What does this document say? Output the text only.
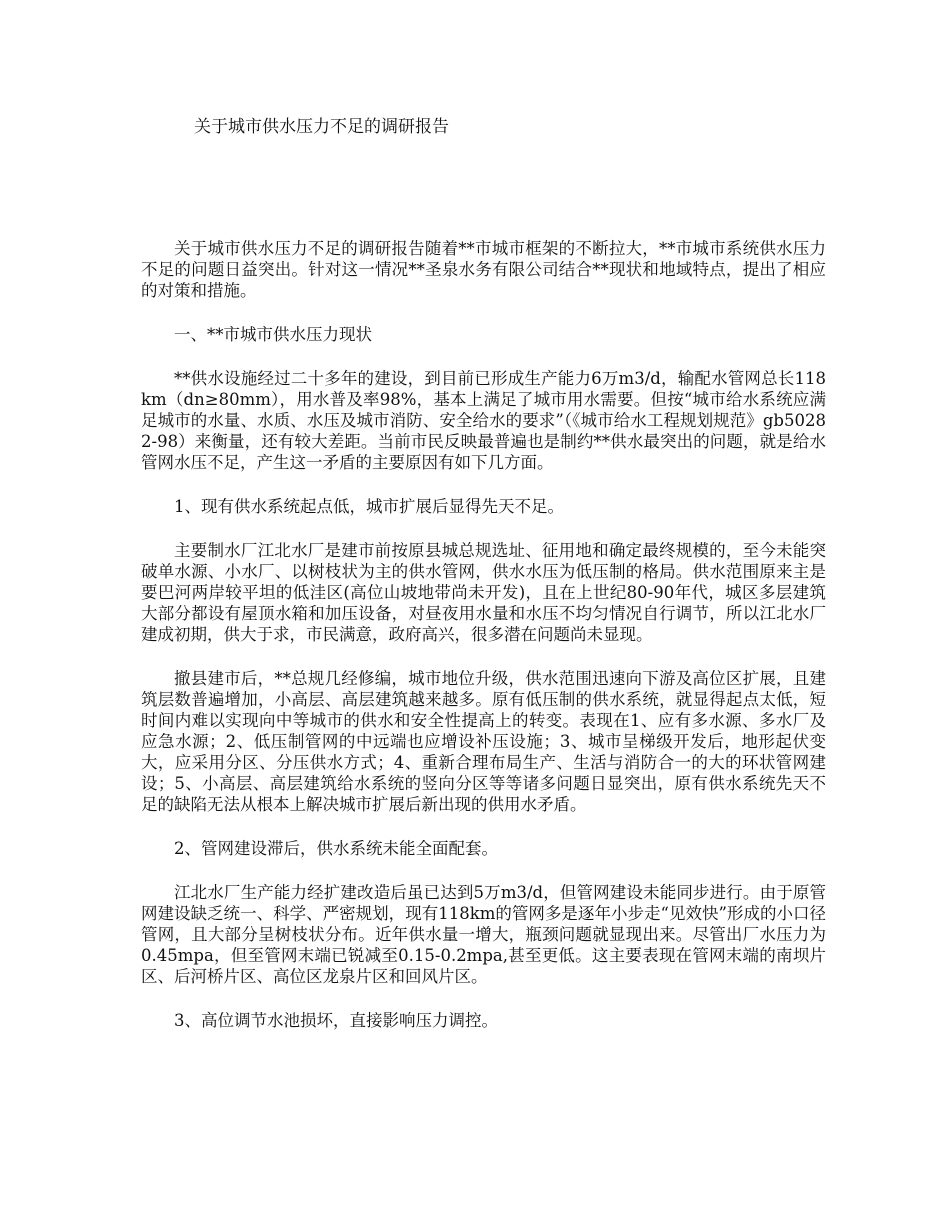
关于城市供水压力不足的调研报告

关于城市供水压力不足的调研报告随着**市城市框架的不断拉大，**市城市系统供水压力不足的问题日益突出。针对这一情况**圣泉水务有限公司结合**现状和地域特点，提出了相应的对策和措施。

一、**市城市供水压力现状

**供水设施经过二十多年的建设，到目前已形成生产能力6万m3/d，输配水管网总长118km（dn≥80mm），用水普及率98%，基本上满足了城市用水需要。但按“城市给水系统应满足城市的水量、水质、水压及城市消防、安全给水的要求”（《城市给水工程规划规范》gb50282-98）来衡量，还有较大差距。当前市民反映最普遍也是制约**供水最突出的问题，就是给水管网水压不足，产生这一矛盾的主要原因有如下几方面。

1、现有供水系统起点低，城市扩展后显得先天不足。

主要制水厂江北水厂是建市前按原县城总规选址、征用地和确定最终规模的，至今未能突破单水源、小水厂、以树枝状为主的供水管网，供水水压为低压制的格局。供水范围原来主是要巴河两岸较平坦的低洼区(高位山坡地带尚未开发)，且在上世纪80-90年代，城区多层建筑大部分都设有屋顶水箱和加压设备，对昼夜用水量和水压不均匀情况自行调节，所以江北水厂建成初期，供大于求，市民满意，政府高兴，很多潜在问题尚未显现。

撤县建市后，**总规几经修编，城市地位升级，供水范围迅速向下游及高位区扩展，且建筑层数普遍增加，小高层、高层建筑越来越多。原有低压制的供水系统，就显得起点太低，短时间内难以实现向中等城市的供水和安全性提高上的转变。表现在1、应有多水源、多水厂及应急水源；2、低压制管网的中远端也应增设补压设施；3、城市呈梯级开发后，地形起伏变大，应采用分区、分压供水方式；4、重新合理布局生产、生活与消防合一的大的环状管网建设；5、小高层、高层建筑给水系统的竖向分区等等诸多问题日显突出，原有供水系统先天不足的缺陷无法从根本上解决城市扩展后新出现的供用水矛盾。

2、管网建设滞后，供水系统未能全面配套。

江北水厂生产能力经扩建改造后虽已达到5万m3/d，但管网建设未能同步进行。由于原管网建设缺乏统一、科学、严密规划，现有118km的管网多是逐年小步走“见效快”形成的小口径管网，且大部分呈树枝状分布。近年供水量一增大，瓶颈问题就显现出来。尽管出厂水压力为0.45mpa，但至管网末端已锐减至0.15-0.2mpa,甚至更低。这主要表现在管网末端的南坝片区、后河桥片区、高位区龙泉片区和回风片区。

3、高位调节水池损坏，直接影响压力调控。
